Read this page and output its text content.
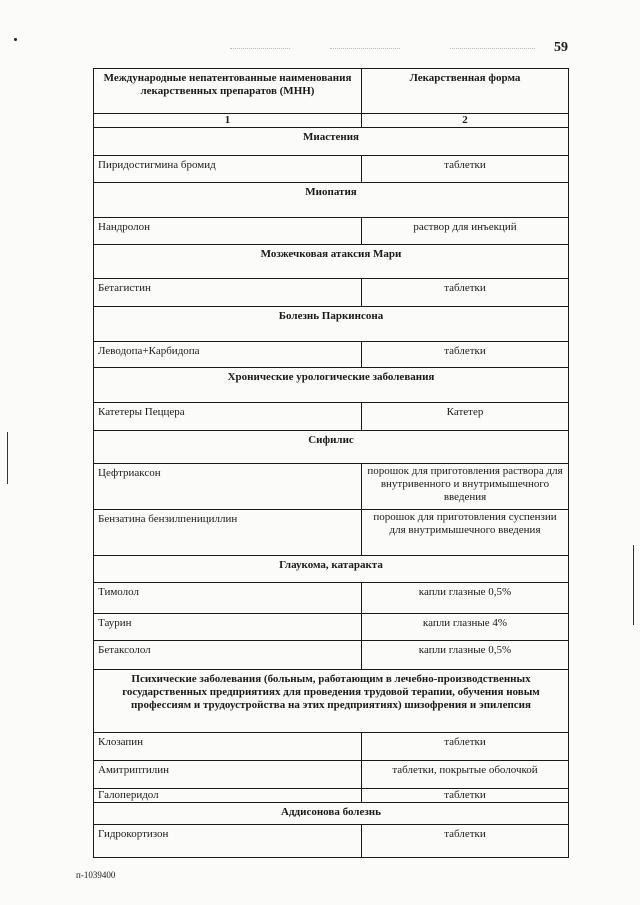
59
Международные непатентованные наименования лекарственных препаратов (МНН)	Лекарственная форма
1	2
Миастения	
Пиридостигмина бромид	таблетки
Миопатия	
Нандролон	раствор для инъекций
Мозжечковая атаксия Мари	
Бетагистин	таблетки
Болезнь Паркинсона	
Леводопа+Карбидопа	таблетки
Хронические урологические заболевания	
Катетеры Пеццера	Катетер
Сифилис	
Цефтриаксон	порошок для приготовления раствора для внутривенного и внутримышечного введения
Бензатина бензилпенициллин	порошок для приготовления суспензии для внутримышечного введения
Глаукома, катаракта	
Тимолол	капли глазные 0,5%
Таурин	капли глазные 4%
Бетаксолол	капли глазные 0,5%
Психические заболевания (больным, работающим в лечебно-производственных государственных предприятиях для проведения трудовой терапии, обучения новым профессиям и трудоустройства на этих предприятиях) шизофрения и эпилепсия	
Клозапин	таблетки
Амитриптилин	таблетки, покрытые оболочкой
Галоперидол	таблетки
Аддисонова болезнь	
Гидрокортизон	таблетки
п-1039400
